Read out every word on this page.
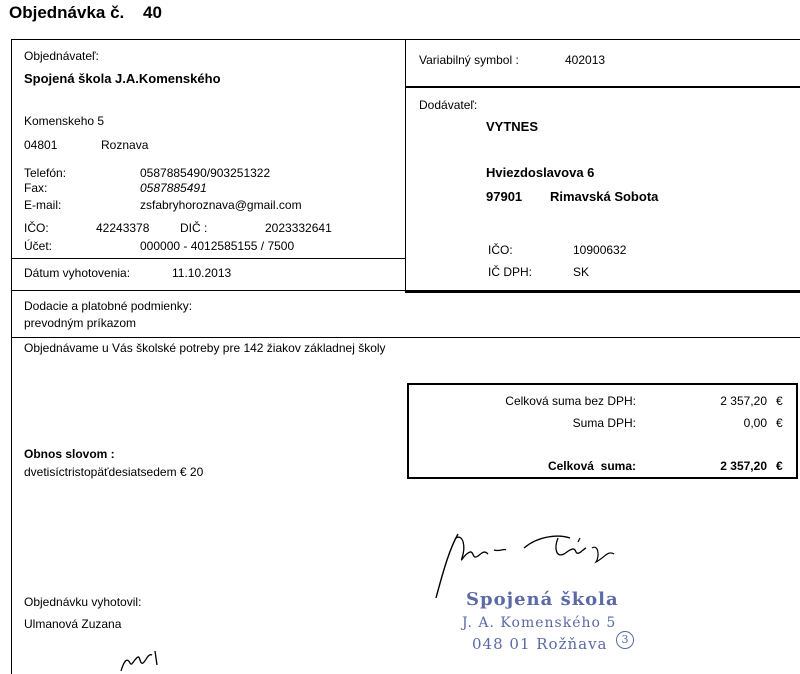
Objednávka č. 40
Objednávateľ:
Spojená škola J.A.Komenského
Komenskeho 5
04801	Roznava
Telefón:	0587885490/903251322
Fax:	0587885491
E-mail:	zsfabryhoroznava@gmail.com
IČO:	42243378	DIČ :	2023332641
Účet:	000000 - 4012585155 / 7500
Dátum vyhotovenia:	11.10.2013
Variabilný symbol :	402013
Dodávateľ:
VYTNES
Hviezdoslavova 6
97901 Rimavská Sobota
IČO:	10900632
IČ DPH:	SK
Dodacie a platobné podmienky:
prevodným príkazom
Objednávame u Vás školské potreby pre 142 žiakov základnej školy
Celková suma bez DPH:	2 357,20 €
Suma DPH:	0,00 €
Celková  suma:	2 357,20 €
Obnos slovom :
dvetisíctristopäťdesiatsedem € 20
Objednávku vyhotovil:
Ulmanová Zuzana
Spojená škola
J. A. Komenského 5
048 01 Rožňava	3
